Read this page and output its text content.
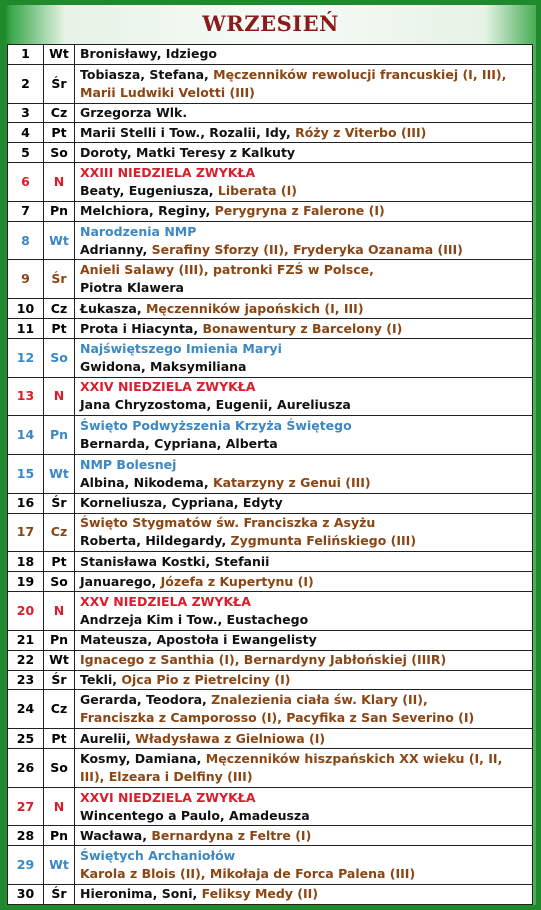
WRZESIEŃ
1	Wt	Bronisławy, Idziego

2	Śr	Tobiasza, Stefana, Męczenników rewolucji francuskiej (I, III),
Marii Ludwiki Velotti (III)

3	Cz	Grzegorza Wlk.

4	Pt	Marii Stelli i Tow., Rozalii, Idy, Róży z Viterbo (III)

5	So	Doroty, Matki Teresy z Kalkuty

6	N	XXIII NIEDZIELA ZWYKŁA
Beaty, Eugeniusza, Liberata (I)

7	Pn	Melchiora, Reginy, Perygryna z Falerone (I)

8	Wt	Narodzenia NMP
Adrianny, Serafiny Sforzy (II), Fryderyka Ozanama (III)

9	Śr	Anieli Salawy (III), patronki FZŚ w Polsce,
Piotra Klawera

10	Cz	Łukasza, Męczenników japońskich (I, III)

11	Pt	Prota i Hiacynta, Bonawentury z Barcelony (I)

12	So	Najświętszego Imienia Maryi
Gwidona, Maksymiliana

13	N	XXIV NIEDZIELA ZWYKŁA
Jana Chryzostoma, Eugenii, Aureliusza

14	Pn	Święto Podwyższenia Krzyża Świętego
Bernarda, Cypriana, Alberta

15	Wt	NMP Bolesnej
Albina, Nikodema, Katarzyny z Genui (III)

16	Śr	Korneliusza, Cypriana, Edyty

17	Cz	Święto Stygmatów św. Franciszka z Asyżu
Roberta, Hildegardy, Zygmunta Felińskiego (III)

18	Pt	Stanisława Kostki, Stefanii

19	So	Januarego, Józefa z Kupertynu (I)

20	N	XXV NIEDZIELA ZWYKŁA
Andrzeja Kim i Tow., Eustachego

21	Pn	Mateusza, Apostoła i Ewangelisty

22	Wt	Ignacego z Santhia (I), Bernardyny Jabłońskiej (IIIR)

23	Śr	Tekli, Ojca Pio z Pietrelciny (I)

24	Cz	Gerarda, Teodora, Znalezienia ciała św. Klary (II),
Franciszka z Camporosso (I), Pacyfika z San Severino (I)

25	Pt	Aurelii, Władysława z Gielniowa (I)

26	So	Kosmy, Damiana, Męczenników hiszpańskich XX wieku (I, II,
III), Elzeara i Delfiny (III)

27	N	XXVI NIEDZIELA ZWYKŁA
Wincentego a Paulo, Amadeusza

28	Pn	Wacława, Bernardyna z Feltre (I)

29	Wt	Świętych Archaniołów
Karola z Blois (II), Mikołaja de Forca Palena (III)

30	Śr	Hieronima, Soni, Feliksy Medy (II)
